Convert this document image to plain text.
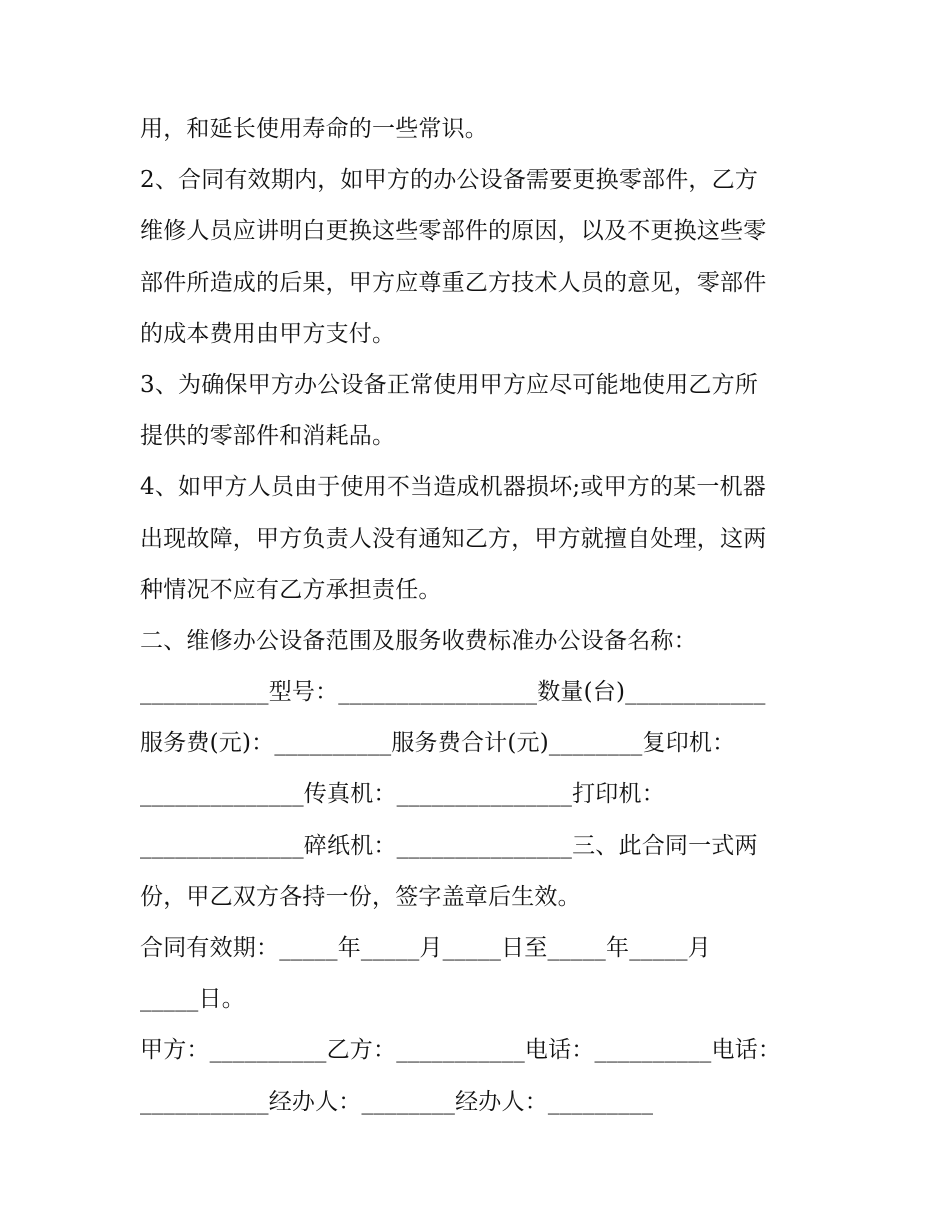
用，和延长使用寿命的一些常识。
2、合同有效期内，如甲方的办公设备需要更换零部件，乙方
维修人员应讲明白更换这些零部件的原因，以及不更换这些零
部件所造成的后果，甲方应尊重乙方技术人员的意见，零部件
的成本费用由甲方支付。
3、为确保甲方办公设备正常使用甲方应尽可能地使用乙方所
提供的零部件和消耗品。
4、如甲方人员由于使用不当造成机器损坏;或甲方的某一机器
出现故障，甲方负责人没有通知乙方，甲方就擅自处理，这两
种情况不应有乙方承担责任。
二、维修办公设备范围及服务收费标准办公设备名称：
___________型号：_________________数量(台)____________
服务费(元)：__________服务费合计(元)________复印机：
______________传真机：_______________打印机：
______________碎纸机：_______________三、此合同一式两
份，甲乙双方各持一份，签字盖章后生效。
合同有效期：_____年_____月_____日至_____年_____月
_____日。
甲方：__________乙方：___________电话：__________电话：
___________经办人：________经办人：_________
